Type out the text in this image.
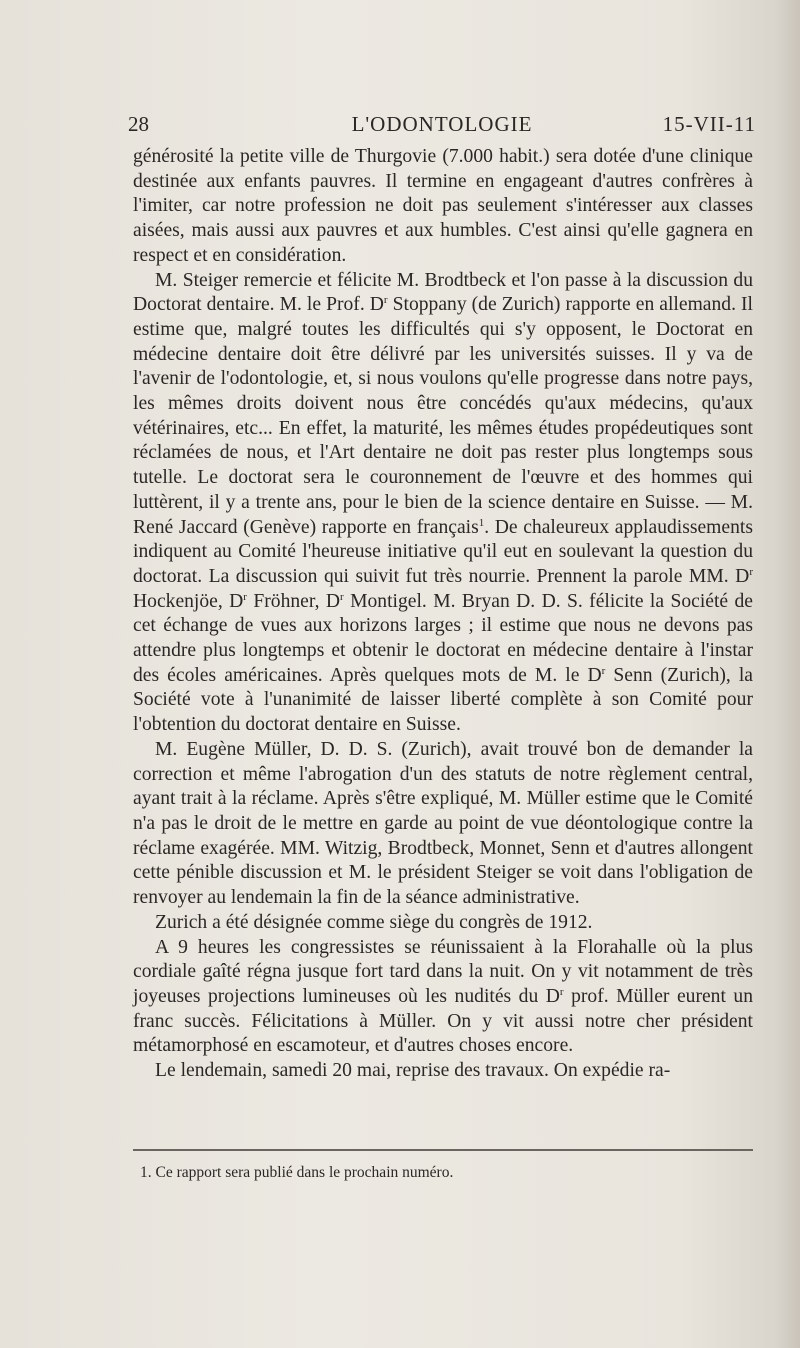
28	L'ODONTOLOGIE	15-VII-11

générosité la petite ville de Thurgovie (7.000 habit.) sera dotée d'une clinique destinée aux enfants pauvres. Il termine en engageant d'autres confrères à l'imiter, car notre profession ne doit pas seulement s'intéresser aux classes aisées, mais aussi aux pauvres et aux humbles. C'est ainsi qu'elle gagnera en respect et en considération.

M. Steiger remercie et félicite M. Brodtbeck et l'on passe à la discussion du Doctorat dentaire. M. le Prof. $D^r$ Stoppany (de Zurich) rapporte en allemand. Il estime que, malgré toutes les difficultés qui s'y opposent, le Doctorat en médecine dentaire doit être délivré par les universités suisses. Il y va de l'avenir de l'odontologie, et, si nous voulons qu'elle progresse dans notre pays, les mêmes droits doivent nous être concédés qu'aux médecins, qu'aux vétérinaires, etc... En effet, la maturité, les mêmes études propédeutiques sont réclamées de nous, et l'Art dentaire ne doit pas rester plus longtemps sous tutelle. Le doctorat sera le couronnement de l'œuvre et des hommes qui luttèrent, il y a trente ans, pour le bien de la science dentaire en Suisse. — M. René Jaccard (Genève) rapporte en français$^1$. De chaleureux applaudissements indiquent au Comité l'heureuse initiative qu'il eut en soulevant la question du doctorat. La discussion qui suivit fut très nourrie. Prennent la parole MM. $D^r$ Hockenjöe, $D^r$ Fröhner, $D^r$ Montigel. M. Bryan D. D. S. félicite la Société de cet échange de vues aux horizons larges ; il estime que nous ne devons pas attendre plus longtemps et obtenir le doctorat en médecine dentaire à l'instar des écoles américaines. Après quelques mots de M. le $D^r$ Senn (Zurich), la Société vote à l'unanimité de laisser liberté complète à son Comité pour l'obtention du doctorat dentaire en Suisse.

M. Eugène Müller, D. D. S. (Zurich), avait trouvé bon de demander la correction et même l'abrogation d'un des statuts de notre règlement central, ayant trait à la réclame. Après s'être expliqué, M. Müller estime que le Comité n'a pas le droit de le mettre en garde au point de vue déontologique contre la réclame exagérée. MM. Witzig, Brodtbeck, Monnet, Senn et d'autres allongent cette pénible discussion et M. le président Steiger se voit dans l'obligation de renvoyer au lendemain la fin de la séance administrative.

Zurich a été désignée comme siège du congrès de 1912.

A 9 heures les congressistes se réunissaient à la Florahalle où la plus cordiale gaîté régna jusque fort tard dans la nuit. On y vit notamment de très joyeuses projections lumineuses où les nudités du $D^r$ prof. Müller eurent un franc succès. Félicitations à Müller. On y vit aussi notre cher président métamorphosé en escamoteur, et d'autres choses encore.

Le lendemain, samedi 20 mai, reprise des travaux. On expédie ra-

1. Ce rapport sera publié dans le prochain numéro.
